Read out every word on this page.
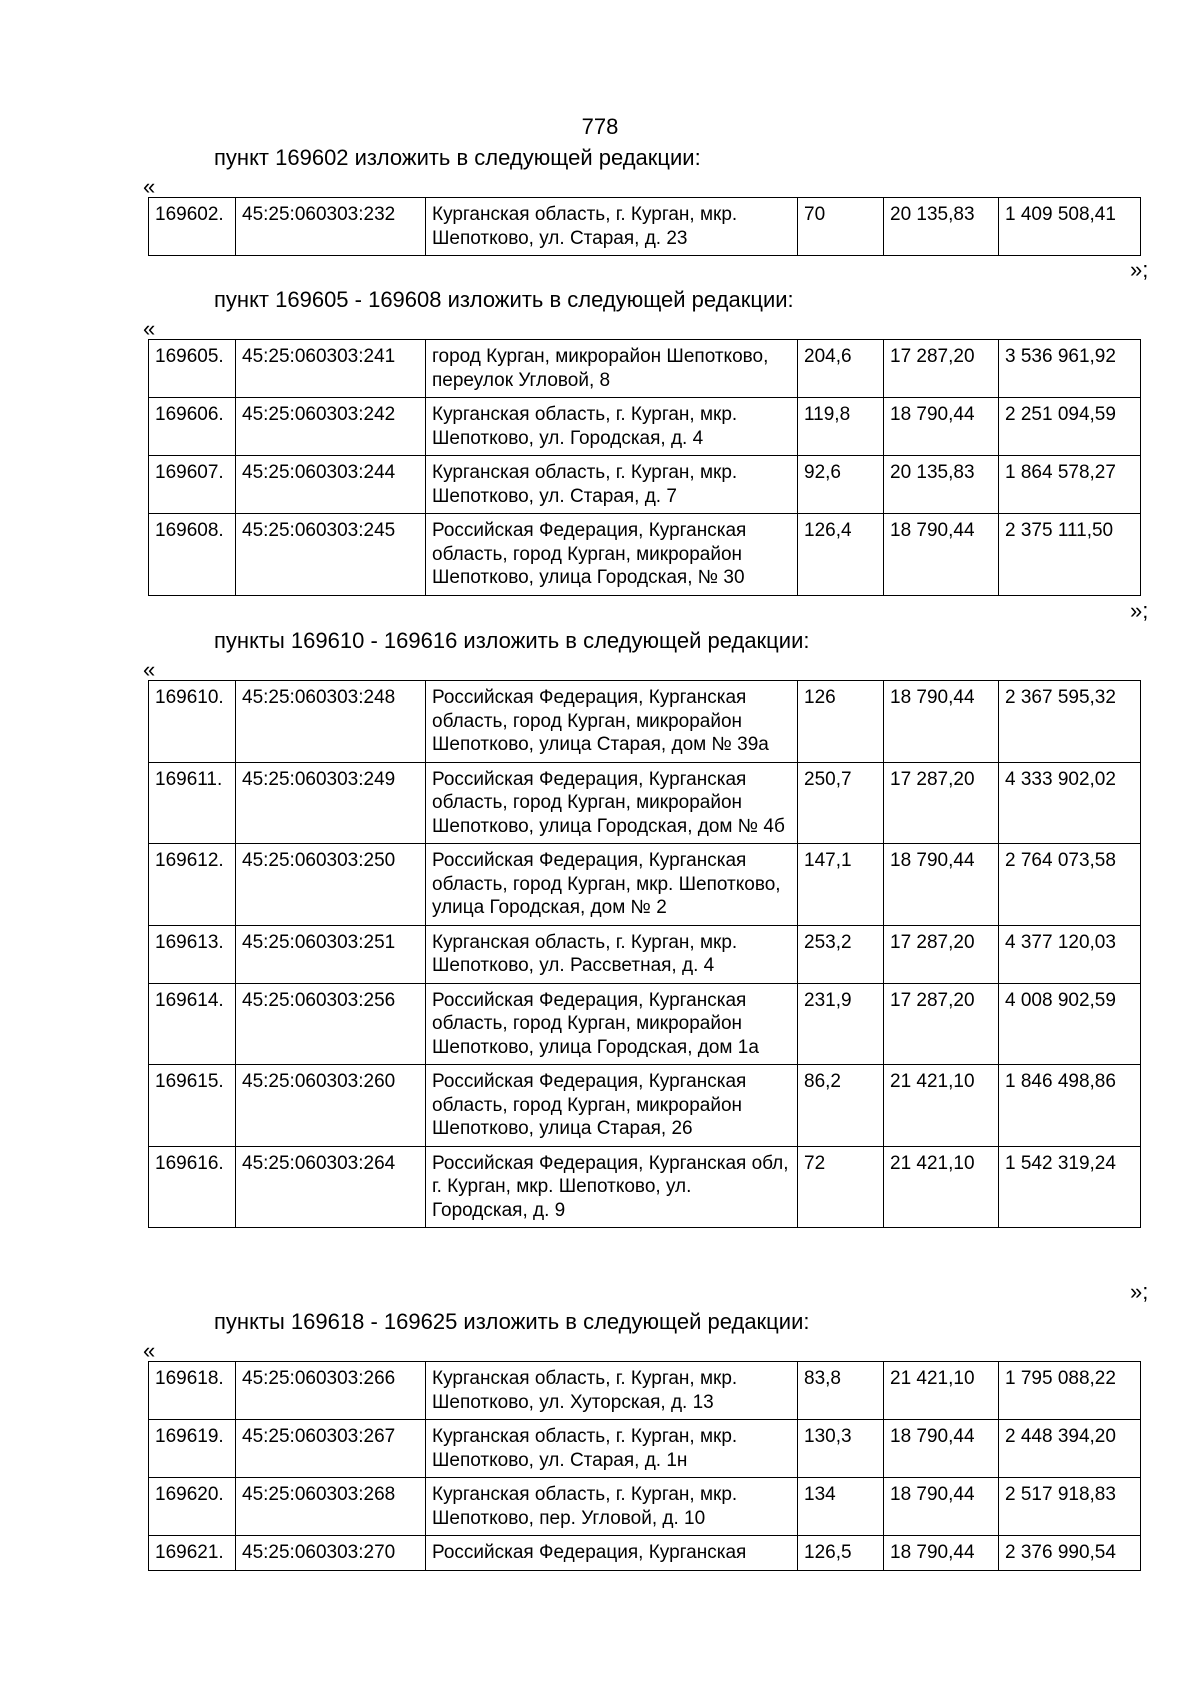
778
пункт 169602 изложить в следующей редакции:
«
169602.	45:25:060303:232	Курганская область, г. Курган, мкр. Шепотково, ул. Старая, д. 23	70	20 135,83	1 409 508,41
»;
пункт 169605 - 169608 изложить в следующей редакции:
«
169605.	45:25:060303:241	город Курган, микрорайон Шепотково, переулок Угловой, 8	204,6	17 287,20	3 536 961,92
169606.	45:25:060303:242	Курганская область, г. Курган, мкр. Шепотково, ул. Городская, д. 4	119,8	18 790,44	2 251 094,59
169607.	45:25:060303:244	Курганская область, г. Курган, мкр. Шепотково, ул. Старая, д. 7	92,6	20 135,83	1 864 578,27
169608.	45:25:060303:245	Российская Федерация, Курганская область, город Курган, микрорайон Шепотково, улица Городская, № 30	126,4	18 790,44	2 375 111,50
»;
пункты 169610 - 169616 изложить в следующей редакции:
«
169610.	45:25:060303:248	Российская Федерация, Курганская область, город Курган, микрорайон Шепотково, улица Старая, дом № 39а	126	18 790,44	2 367 595,32
169611.	45:25:060303:249	Российская Федерация, Курганская область, город Курган, микрорайон Шепотково, улица Городская, дом № 4б	250,7	17 287,20	4 333 902,02
169612.	45:25:060303:250	Российская Федерация, Курганская область, город Курган, мкр. Шепотково, улица Городская, дом № 2	147,1	18 790,44	2 764 073,58
169613.	45:25:060303:251	Курганская область, г. Курган, мкр. Шепотково, ул. Рассветная, д. 4	253,2	17 287,20	4 377 120,03
169614.	45:25:060303:256	Российская Федерация, Курганская область, город Курган, микрорайон Шепотково, улица Городская, дом 1а	231,9	17 287,20	4 008 902,59
169615.	45:25:060303:260	Российская Федерация, Курганская область, город Курган, микрорайон Шепотково, улица Старая, 26	86,2	21 421,10	1 846 498,86
169616.	45:25:060303:264	Российская Федерация, Курганская обл, г. Курган, мкр. Шепотково, ул. Городская, д. 9	72	21 421,10	1 542 319,24
»;
пункты 169618 - 169625 изложить в следующей редакции:
«
169618.	45:25:060303:266	Курганская область, г. Курган, мкр. Шепотково, ул. Хуторская, д. 13	83,8	21 421,10	1 795 088,22
169619.	45:25:060303:267	Курганская область, г. Курган, мкр. Шепотково, ул. Старая, д. 1н	130,3	18 790,44	2 448 394,20
169620.	45:25:060303:268	Курганская область, г. Курган, мкр. Шепотково, пер. Угловой, д. 10	134	18 790,44	2 517 918,83
169621.	45:25:060303:270	Российская Федерация, Курганская	126,5	18 790,44	2 376 990,54
